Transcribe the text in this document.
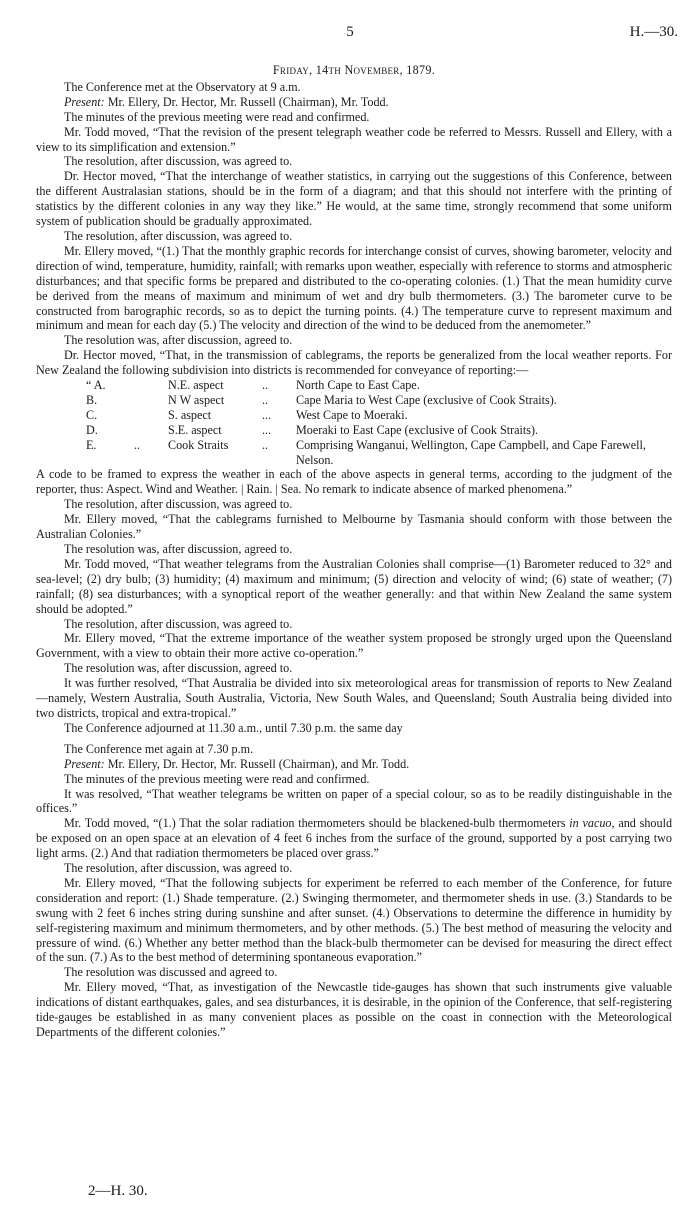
5	H.—30.

Friday, 14th November, 1879.

The Conference met at the Observatory at 9 a.m.

Present: Mr. Ellery, Dr. Hector, Mr. Russell (Chairman), Mr. Todd.

The minutes of the previous meeting were read and confirmed.

Mr. Todd moved, “That the revision of the present telegraph weather code be referred to Messrs. Russell and Ellery, with a view to its simplification and extension.”

The resolution, after discussion, was agreed to.

Dr. Hector moved, “That the interchange of weather statistics, in carrying out the suggestions of this Conference, between the different Australasian stations, should be in the form of a diagram; and that this should not interfere with the printing of statistics by the different colonies in any way they like.” He would, at the same time, strongly recommend that some uniform system of publication should be gradually approximated.

The resolution, after discussion, was agreed to.

Mr. Ellery moved, “(1.) That the monthly graphic records for interchange consist of curves, showing barometer, velocity and direction of wind, temperature, humidity, rainfall; with remarks upon weather, especially with reference to storms and atmospheric disturbances; and that specific forms be prepared and distributed to the co-operating colonies. (1.) That the mean humidity curve be derived from the means of maximum and minimum of wet and dry bulb thermometers. (3.) The barometer curve to be constructed from barographic records, so as to depict the turning points. (4.) The temperature curve to represent maximum and minimum and mean for each day (5.) The velocity and direction of the wind to be deduced from the anemometer.”

The resolution was, after discussion, agreed to.

Dr. Hector moved, “That, in the transmission of cablegrams, the reports be generalized from the local weather reports. For New Zealand the following subdivision into districts is recommended for conveyance of reporting:—

“ A.	N.E. aspect	..	North Cape to East Cape.
B.	N W aspect	..	Cape Maria to West Cape (exclusive of Cook Straits).
C.	S. aspect	...	West Cape to Moeraki.
D.	S.E. aspect	...	Moeraki to East Cape (exclusive of Cook Straits).
E.	..	Cook Straits	..	Comprising Wanganui, Wellington, Cape Campbell, and Cape Farewell, Nelson.

A code to be framed to express the weather in each of the above aspects in general terms, according to the judgment of the reporter, thus: Aspect. Wind and Weather. | Rain. | Sea. No remark to indicate absence of marked phenomena.”

The resolution, after discussion, was agreed to.

Mr. Ellery moved, “That the cablegrams furnished to Melbourne by Tasmania should conform with those between the Australian Colonies.”

The resolution was, after discussion, agreed to.

Mr. Todd moved, “That weather telegrams from the Australian Colonies shall comprise—(1) Barometer reduced to 32° and sea-level; (2) dry bulb; (3) humidity; (4) maximum and minimum; (5) direction and velocity of wind; (6) state of weather; (7) rainfall; (8) sea disturbances; with a synoptical report of the weather generally: and that within New Zealand the same system should be adopted.”

The resolution, after discussion, was agreed to.

Mr. Ellery moved, “That the extreme importance of the weather system proposed be strongly urged upon the Queensland Government, with a view to obtain their more active co-operation.”

The resolution was, after discussion, agreed to.

It was further resolved, “That Australia be divided into six meteorological areas for transmission of reports to New Zealand—namely, Western Australia, South Australia, Victoria, New South Wales, and Queensland; South Australia being divided into two districts, tropical and extra-tropical.”

The Conference adjourned at 11.30 a.m., until 7.30 p.m. the same day

The Conference met again at 7.30 p.m.

Present: Mr. Ellery, Dr. Hector, Mr. Russell (Chairman), and Mr. Todd.

The minutes of the previous meeting were read and confirmed.

It was resolved, “That weather telegrams be written on paper of a special colour, so as to be readily distinguishable in the offices.”

Mr. Todd moved, “(1.) That the solar radiation thermometers should be blackened-bulb thermometers in vacuo, and should be exposed on an open space at an elevation of 4 feet 6 inches from the surface of the ground, supported by a post carrying two light arms. (2.) And that radiation thermometers be placed over grass.”

The resolution, after discussion, was agreed to.

Mr. Ellery moved, “That the following subjects for experiment be referred to each member of the Conference, for future consideration and report: (1.) Shade temperature. (2.) Swinging thermometer, and thermometer sheds in use. (3.) Standards to be swung with 2 feet 6 inches string during sunshine and after sunset. (4.) Observations to determine the difference in humidity by self-registering maximum and minimum thermometers, and by other methods. (5.) The best method of measuring the velocity and pressure of wind. (6.) Whether any better method than the black-bulb thermometer can be devised for measuring the direct effect of the sun. (7.) As to the best method of determining spontaneous evaporation.”

The resolution was discussed and agreed to.

Mr. Ellery moved, “That, as investigation of the Newcastle tide-gauges has shown that such instruments give valuable indications of distant earthquakes, gales, and sea disturbances, it is desirable, in the opinion of the Conference, that self-registering tide-gauges be established in as many convenient places as possible on the coast in connection with the Meteorological Departments of the different colonies.”

2—H. 30.
